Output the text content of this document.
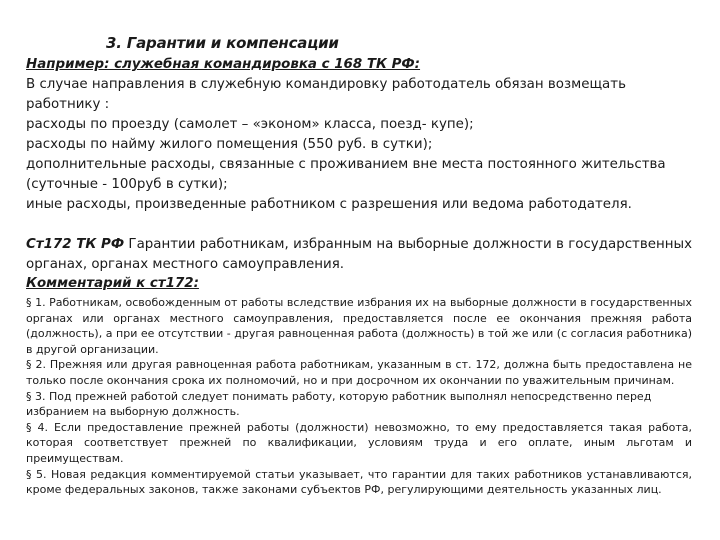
3. Гарантии и компенсации
Например: служебная командировка с 168 ТК РФ:
В случае направления в служебную командировку работодатель обязан возмещать
работнику :
расходы по проезду (самолет – «эконом» класса, поезд- купе);
расходы по найму жилого помещения (550 руб. в сутки);
дополнительные расходы, связанные с проживанием вне места постоянного жительства
(суточные - 100руб в сутки);
иные расходы, произведенные работником с разрешения или ведома работодателя.
Ст172 ТК РФ Гарантии работникам, избранным на выборные должности в государственных органах, органах местного самоуправления.
Комментарий к ст172:

§ 1. Работникам, освобожденным от работы вследствие избрания их на выборные должности в государственных органах или органах местного самоуправления, предоставляется после ее окончания прежняя работа (должность), а при ее отсутствии - другая равноценная работа (должность) в той же или (с согласия работника) в другой организации.

§ 2. Прежняя или другая равноценная работа работникам, указанным в ст. 172, должна быть предоставлена не только после окончания срока их полномочий, но и при досрочном их окончании по уважительным причинам.

§ 3. Под прежней работой следует понимать работу, которую работник выполнял непосредственно перед избранием на выборную должность.

§ 4. Если предоставление прежней работы (должности) невозможно, то ему предоставляется такая работа, которая соответствует прежней по квалификации, условиям труда и его оплате, иным льготам и преимуществам.

§ 5. Новая редакция комментируемой статьи указывает, что гарантии для таких работников устанавливаются, кроме федеральных законов, также законами субъектов РФ, регулирующими деятельность указанных лиц.
